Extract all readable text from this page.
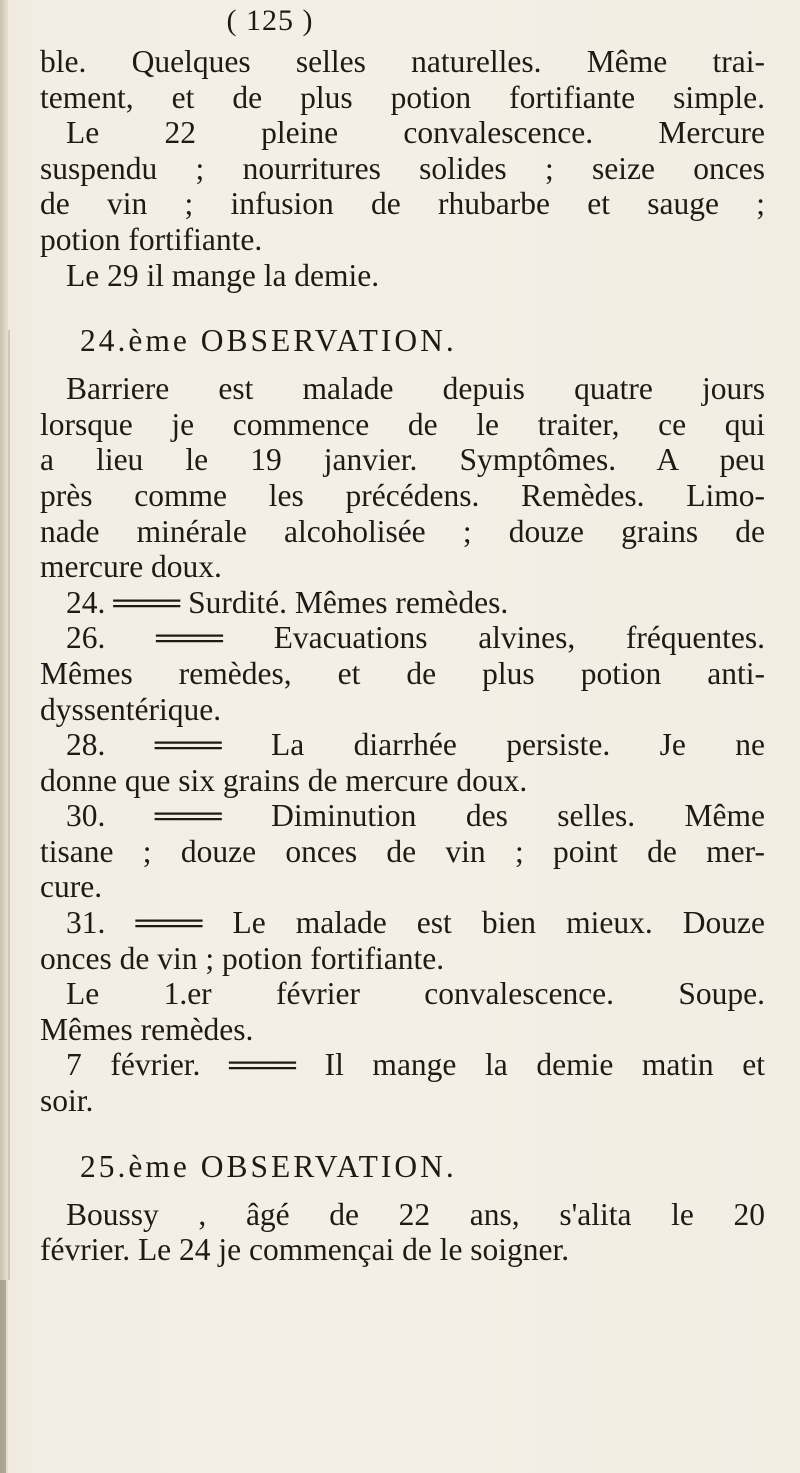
( 125 )
ble. Quelques selles naturelles. Même trai-
tement, et de plus potion fortifiante simple.
Le 22 pleine convalescence. Mercure
suspendu ; nourritures solides ; seize onces
de vin ; infusion de rhubarbe et sauge ;
potion fortifiante.
Le 29 il mange la demie.
24.ème OBSERVATION.
Barriere est malade depuis quatre jours
lorsque je commence de le traiter, ce qui
a lieu le 19 janvier. Symptômes. A peu
près comme les précédens. Remèdes. Limo-
nade minérale alcoholisée ; douze grains de
mercure doux.
24. ═══ Surdité. Mêmes remèdes.
26. ═══ Evacuations alvines, fréquentes.
Mêmes remèdes, et de plus potion anti-
dyssentérique.
28. ═══ La diarrhée persiste. Je ne
donne que six grains de mercure doux.
30. ═══ Diminution des selles. Même
tisane ; douze onces de vin ; point de mer-
cure.
31. ═══ Le malade est bien mieux. Douze
onces de vin ; potion fortifiante.
Le 1.er février convalescence. Soupe.
Mêmes remèdes.
7 février. ═══ Il mange la demie matin et
soir.
25.ème OBSERVATION.
Boussy , âgé de 22 ans, s'alita le 20
février. Le 24 je commençai de le soigner.
